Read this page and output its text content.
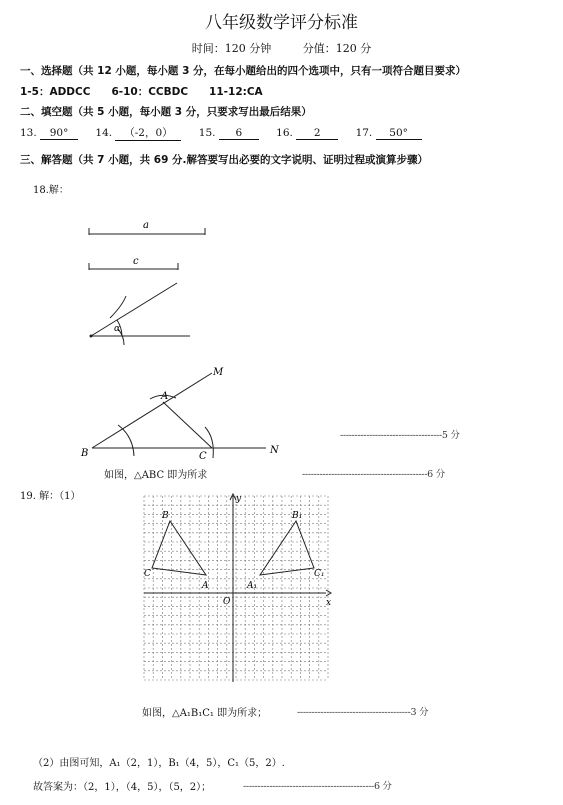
八年级数学评分标准
时间：120 分钟	分值：120 分
一、选择题（共 12 小题，每小题 3 分，在每小题给出的四个选项中，只有一项符合题目要求）
1-5：ADDCC　　6-10：CCBDC　　11-12:CA
二、填空题（共 5 小题，每小题 3 分，只要求写出最后结果）
13. 90°	14. （-2，0） 15. 6	16. 2	17. 50°
三、解答题（共 7 小题，共 69 分.解答要写出必要的文字说明、证明过程或演算步骤）
18.解：
a
c
α
M
A
B	C
N
-----------------------------------5 分
如图，△ABC 即为所求	-------------------------------------------6 分
19. 解：（1）
x
y
O
B
A
C
B₁
A₁
C₁
如图，△A₁B₁C₁ 即为所求；	---------------------------------------3 分
（2）由图可知，A₁（2，1），B₁（4，5），C₁（5，2）.
故答案为：（2，1），（4，5），（5，2）；	---------------------------------------------6 分
